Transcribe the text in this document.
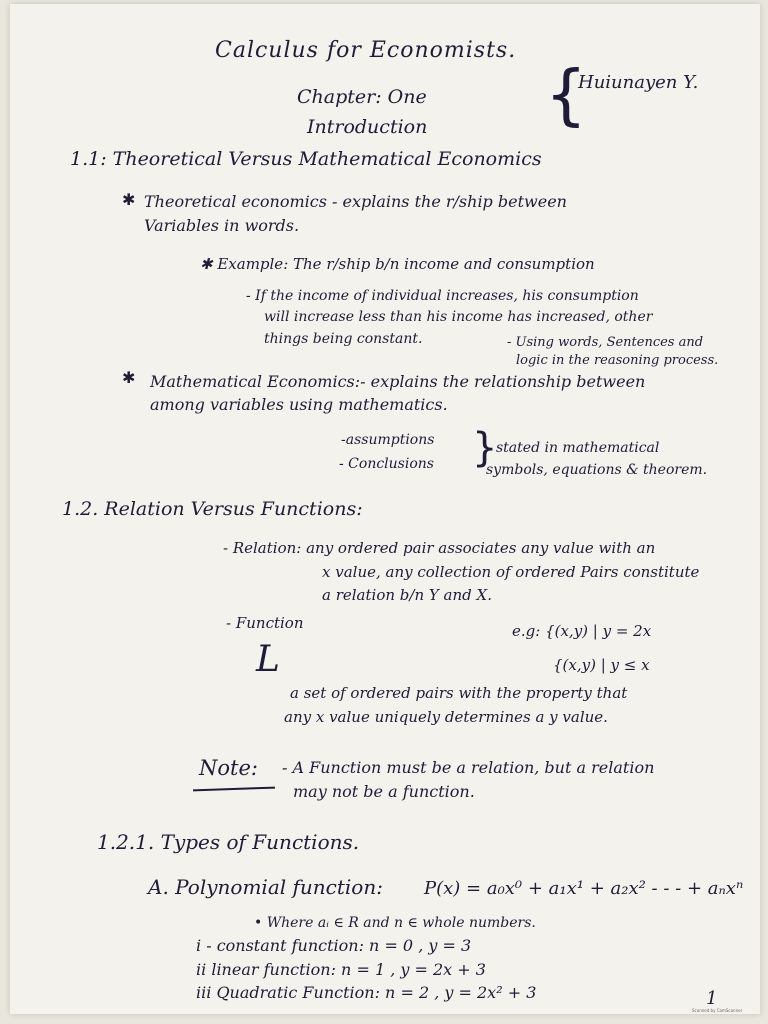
Calculus for Economists.
Chapter: One
Introduction {
Huiunayen Y.
1.1: Theoretical Versus Mathematical Economics
✱ Theoretical economics - explains the r/ship between
Variables in words.
✱ Example: The r/ship b/n income and consumption
- If the income of individual increases, his consumption
will increase less than his income has increased, other
things being constant.	- Using words, Sentences and
logic in the reasoning process.
✱ Mathematical Economics:- explains the relationship between
among variables using mathematics.
-assumptions
- Conclusions }
stated in mathematical
symbols, equations & theorem.
1.2. Relation Versus Functions:
- Relation: any ordered pair associates any value with an
x value, any collection of ordered Pairs constitute
a relation b/n Y and X.
- Function	e.g: {(x,y) | y = 2x
{(x,y) | y ≤ x
L
a set of ordered pairs with the property that
any x value uniquely determines a y value.
Note: - A Function must be a relation, but a relation
may not be a function.
1.2.1. Types of Functions.
A. Polynomial function: P(x) = a₀x⁰ + a₁x¹ + a₂x² - - - + aₙxⁿ
• Where aᵢ ∈ R and n ∈ whole numbers.
i - constant function: n = 0 , y = 3
ii linear function: n = 1 , y = 2x + 3
iii Quadratic Function: n = 2 , y = 2x² + 3	1
Scanned by CamScanner
